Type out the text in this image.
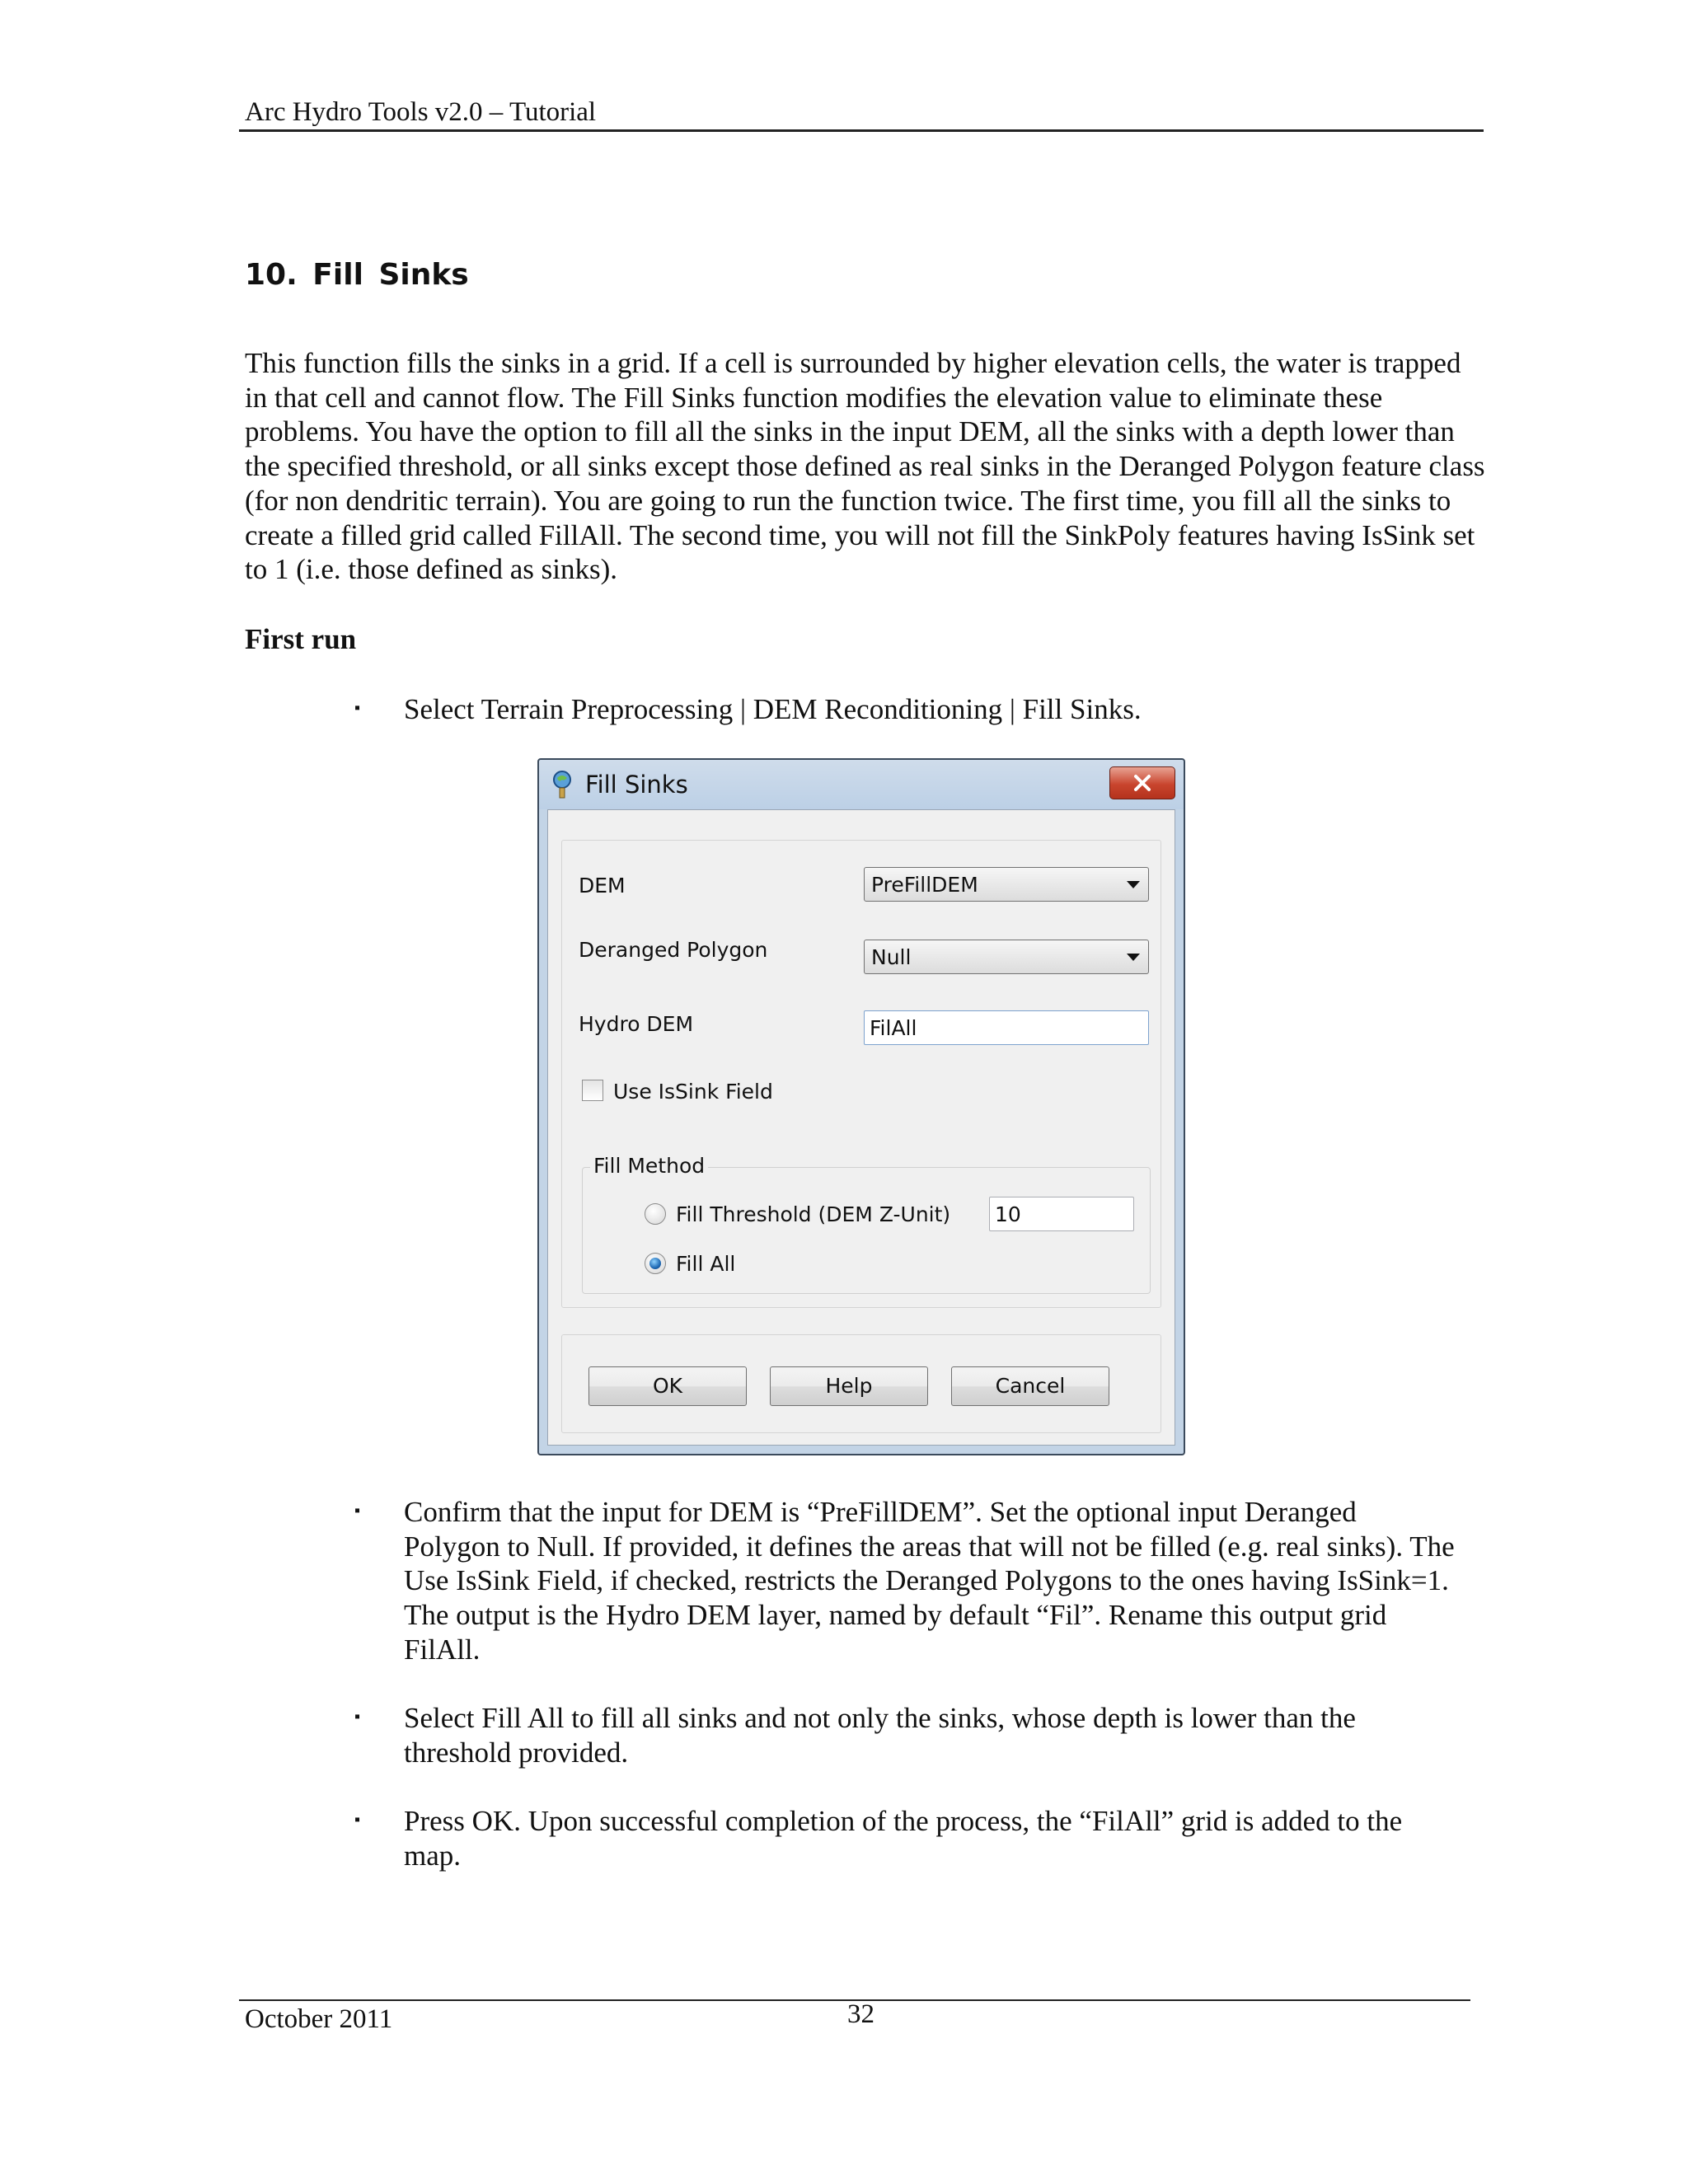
Arc Hydro Tools v2.0 – Tutorial
10. Fill Sinks
This function fills the sinks in a grid. If a cell is surrounded by higher elevation cells, the water is trapped in that cell and cannot flow. The Fill Sinks function modifies the elevation value to eliminate these problems. You have the option to fill all the sinks in the input DEM, all the sinks with a depth lower than the specified threshold, or all sinks except those defined as real sinks in the Deranged Polygon feature class (for non dendritic terrain). You are going to run the function twice. The first time, you fill all the sinks to create a filled grid called FillAll. The second time, you will not fill the SinkPoly features having IsSink set to 1 (i.e. those defined as sinks).
First run
▪ Select Terrain Preprocessing | DEM Reconditioning | Fill Sinks.
Fill Sinks
DEM	PreFillDEM
Deranged Polygon	Null
Hydro DEM	FilAll
Use IsSink Field
Fill Method
Fill Threshold (DEM Z-Unit) 10
Fill All
OK	Help	Cancel
▪ Confirm that the input for DEM is “PreFillDEM”. Set the optional input Deranged Polygon to Null. If provided, it defines the areas that will not be filled (e.g. real sinks). The Use IsSink Field, if checked, restricts the Deranged Polygons to the ones having IsSink=1. The output is the Hydro DEM layer, named by default “Fil”. Rename this output grid FilAll.
▪ Select Fill All to fill all sinks and not only the sinks, whose depth is lower than the threshold provided.
▪ Press OK. Upon successful completion of the process, the “FilAll” grid is added to the map.
October 2011	32
